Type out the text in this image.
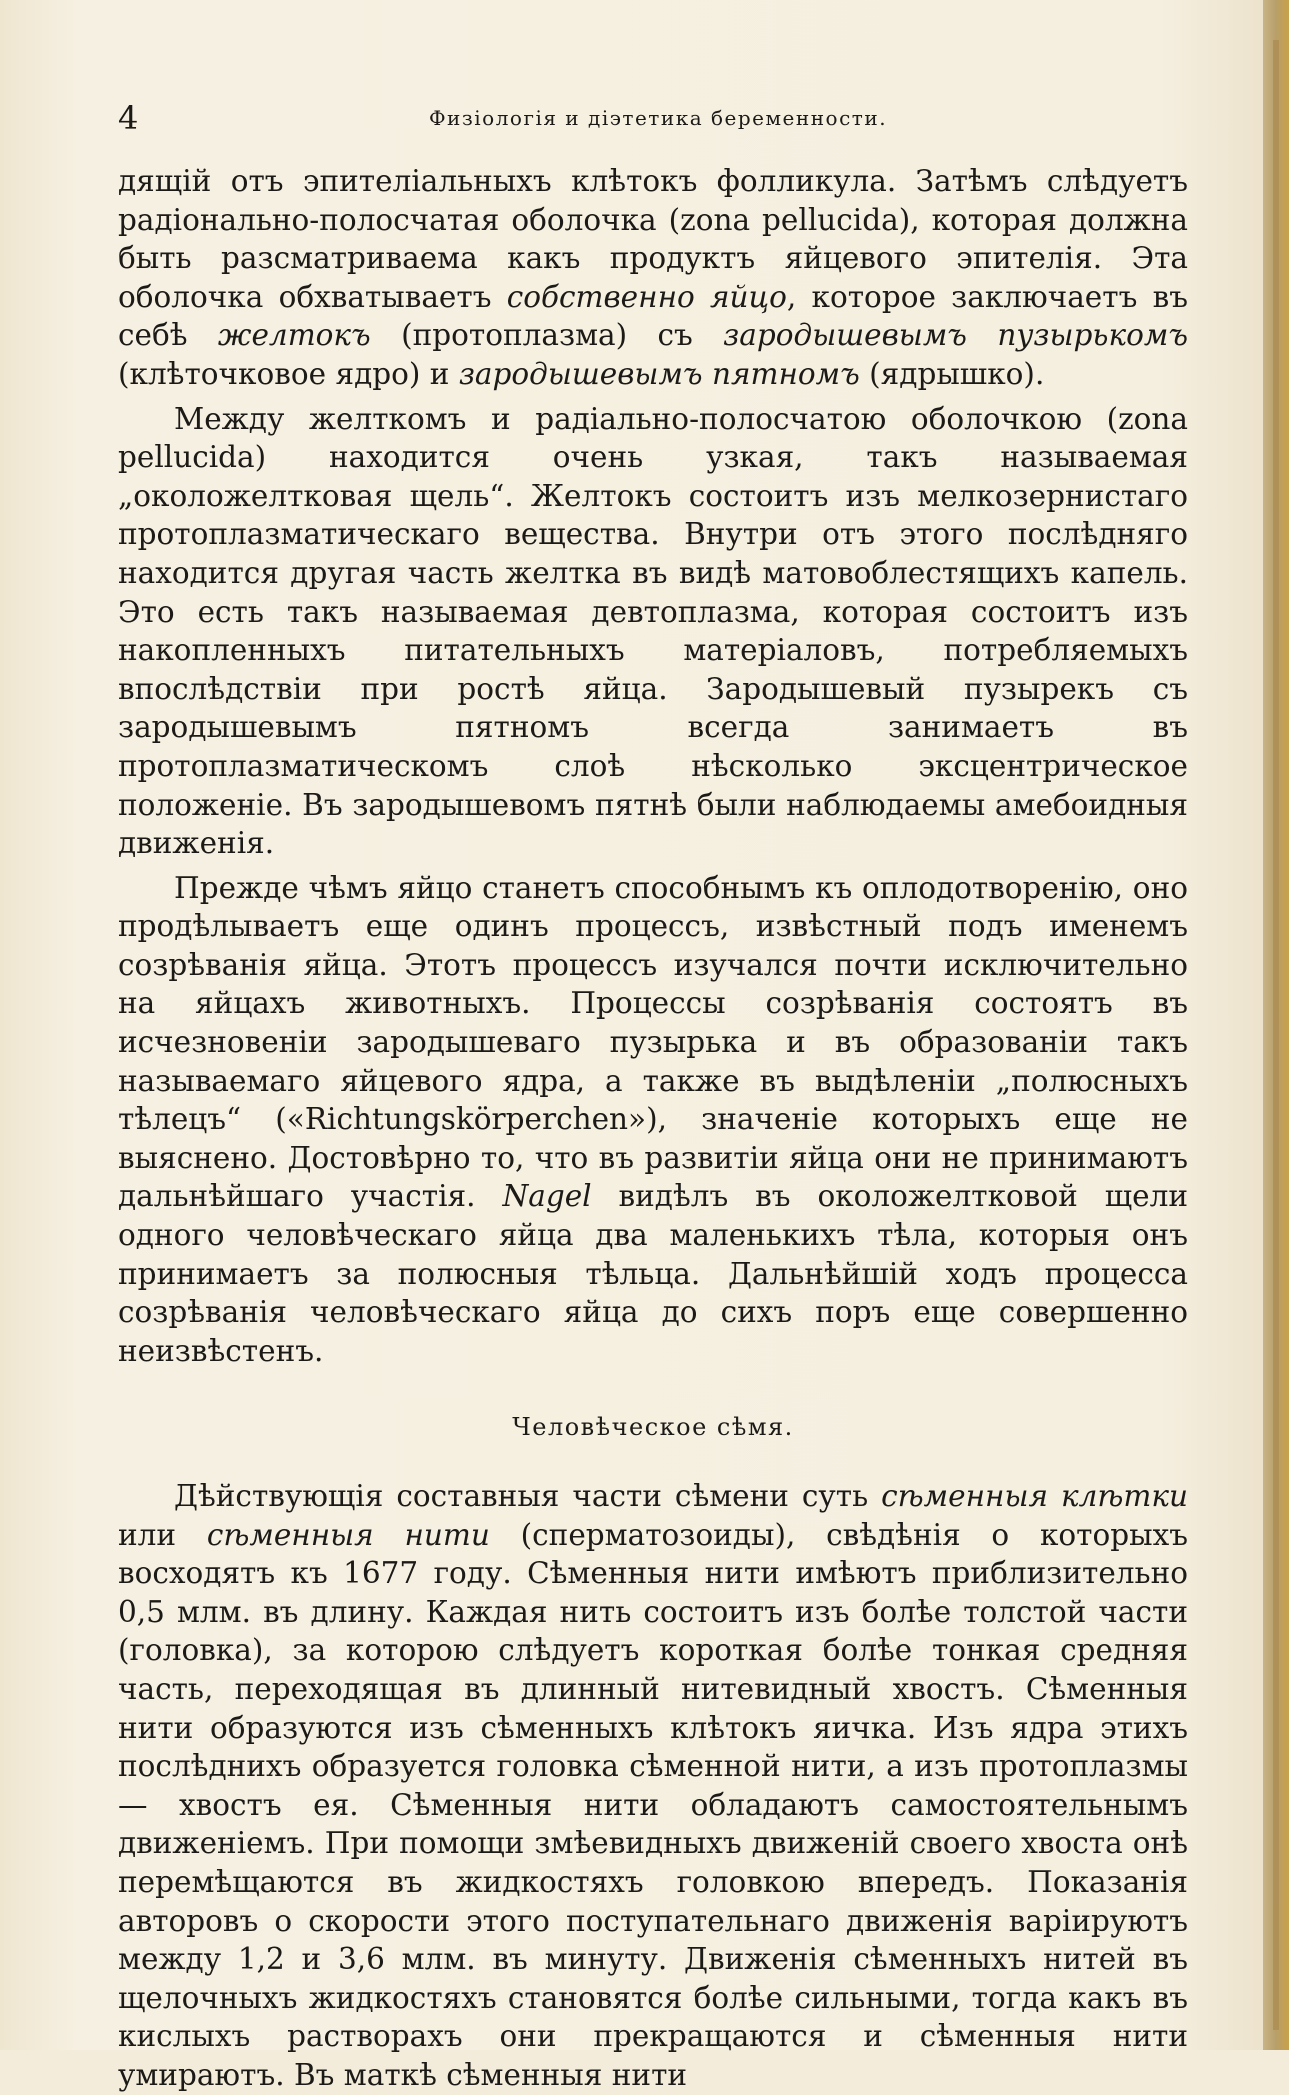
4	Физiологiя и дiэтетика беременности.

дящiй отъ эпителiальныхъ клѣтокъ фолликула. Затѣмъ слѣдуетъ радiонально-полосчатая оболочка (zona pellucida), которая должна быть разсматриваема какъ продуктъ яйцевого эпителiя. Эта оболочка обхватываетъ собственно яйцо, которое заключаетъ въ себѣ желтокъ (протоплазма) съ зародышевымъ пузырькомъ (клѣточковое ядро) и зародышевымъ пятномъ (ядрышко).

Между желткомъ и радiально-полосчатою оболочкою (zona pellucida) находится очень узкая, такъ называемая „околожелтковая щель“. Желтокъ состоитъ изъ мелкозернистаго протоплазматическаго вещества. Внутри отъ этого послѣдняго находится другая часть желтка въ видѣ матовоблестящихъ капель. Это есть такъ называемая девтоплазма, которая состоитъ изъ накопленныхъ питательныхъ матерiаловъ, потребляемыхъ впослѣдствiи при ростѣ яйца. Зародышевый пузырекъ съ зародышевымъ пятномъ всегда занимаетъ въ протоплазматическомъ слоѣ нѣсколько эксцентрическое положенiе. Въ зародышевомъ пятнѣ были наблюдаемы амебоидныя движенiя.

Прежде чѣмъ яйцо станетъ способнымъ къ оплодотворенiю, оно продѣлываетъ еще одинъ процессъ, извѣстный подъ именемъ созрѣванiя яйца. Этотъ процессъ изучался почти исключительно на яйцахъ животныхъ. Процессы созрѣванiя состоятъ въ исчезновенiи зародышеваго пузырька и въ образованiи такъ называемаго яйцевого ядра, а также въ выдѣленiи „полюсныхъ тѣлецъ“ («Richtungskörperchen»), значенiе которыхъ еще не выяснено. Достовѣрно то, что въ развитiи яйца они не принимаютъ дальнѣйшаго участiя. Nagel видѣлъ въ околожелтковой щели одного человѣческаго яйца два маленькихъ тѣла, которыя онъ принимаетъ за полюсныя тѣльца. Дальнѣйшiй ходъ процесса созрѣванiя человѣческаго яйца до сихъ поръ еще совершенно неизвѣстенъ.

Человѣческое сѣмя.

Дѣйствующiя составныя части сѣмени суть сѣменныя клѣтки или сѣменныя нити (сперматозоиды), свѣдѣнiя о которыхъ восходятъ къ 1677 году. Сѣменныя нити имѣютъ приблизительно 0,5 млм. въ длину. Каждая нить состоитъ изъ болѣе толстой части (головка), за которою слѣдуетъ короткая болѣе тонкая средняя часть, переходящая въ длинный нитевидный хвостъ. Сѣменныя нити образуются изъ сѣменныхъ клѣтокъ яичка. Изъ ядра этихъ послѣднихъ образуется головка сѣменной нити, а изъ протоплазмы — хвостъ ея. Сѣменныя нити обладаютъ самостоятельнымъ движенiемъ. При помощи змѣевидныхъ движенiй своего хвоста онѣ перемѣщаются въ жидкостяхъ головкою впередъ. Показанiя авторовъ о скорости этого поступательнаго движенiя варiируютъ между 1,2 и 3,6 млм. въ минуту. Движенiя сѣменныхъ нитей въ щелочныхъ жидкостяхъ становятся болѣе сильными, тогда какъ въ кислыхъ растворахъ они прекращаются и сѣменныя нити умираютъ. Въ маткѣ сѣменныя нити
